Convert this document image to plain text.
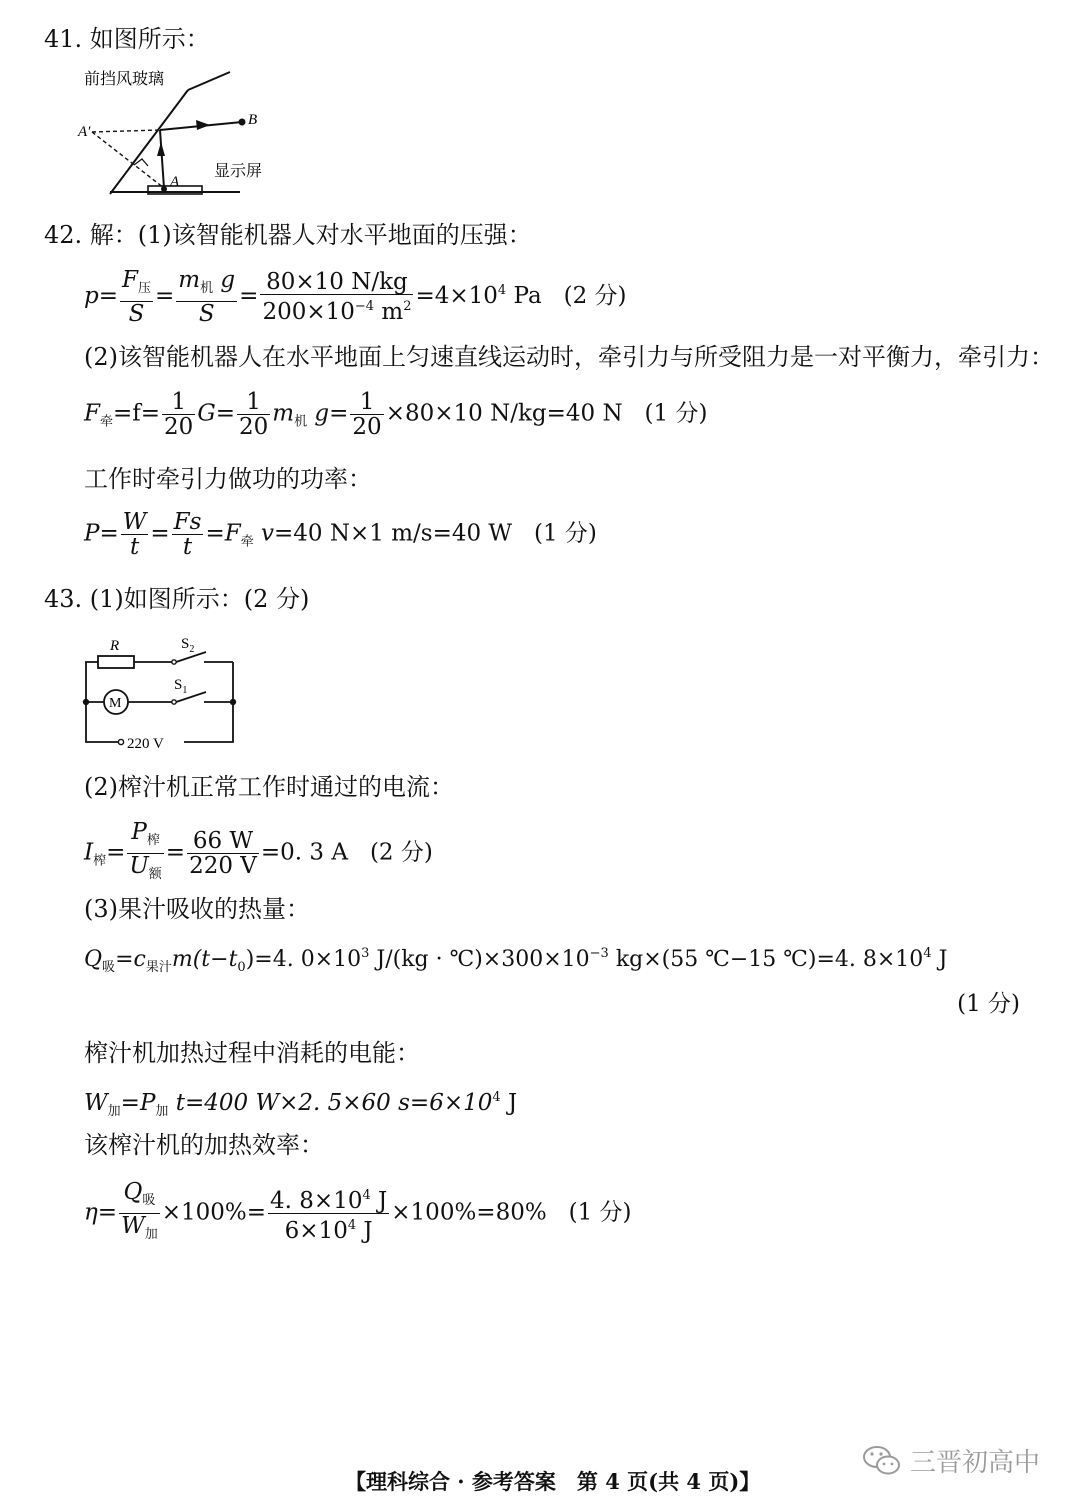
41. 如图所示：
前挡风玻璃
显示屏
A
A′
B
42. 解：(1)该智能机器人对水平地面的压强：
$p= \frac{F_压}{S} = \frac{m_机 g}{S} = \frac{80\times 10 N/kg}{200\times 10^{-4} m^2} =4\times 10^4$ Pa (2 分)
(2)该智能机器人在水平地面上匀速直线运动时，牵引力与所受阻力是一对平衡力，牵引力：
$F_牵=f= \frac{1}{20} G= \frac{1}{20} m_机$ $g= \frac{1}{20} \times 80\times 10$ N/kg=40 N (1 分)
工作时牵引力做功的功率：
$P= \frac{W}{t} = \frac{Fs}{t} =F_牵$ v=40 N×1 m/s=40 W (1 分)
43. (1)如图所示：(2 分)
M
220 V
R	$S_2$
$S_1$
(2)榨汁机正常工作时通过的电流：
$I_榨= \frac{P_榨}{U_额} = \frac{66 W}{220 V} =0$. 3 A (2 分)
(3)果汁吸收的热量：
$Q_吸=c_{果汁}m(t-t_0)=4$. $0\times 10^3$ $J/(kg \cdot ℃)\times 300\times 10^{-3}$ kg×(55 ℃−15 ℃)=4. $8\times 10^4$ J
(1 分)
榨汁机加热过程中消耗的电能：
$W_加=P_加$ t=400 W×2. 5×60 $s=6\times 10^4$ J
该榨汁机的加热效率：
$\eta= \frac{Q_吸}{W_加} \times 100\%= \frac{4. 8\times 10^4 J}{6\times 10^4 J} \times 100\%=80\%$ (1 分)
【理科综合 · 参考答案　第 4 页(共 4 页)】
三晋初高中
